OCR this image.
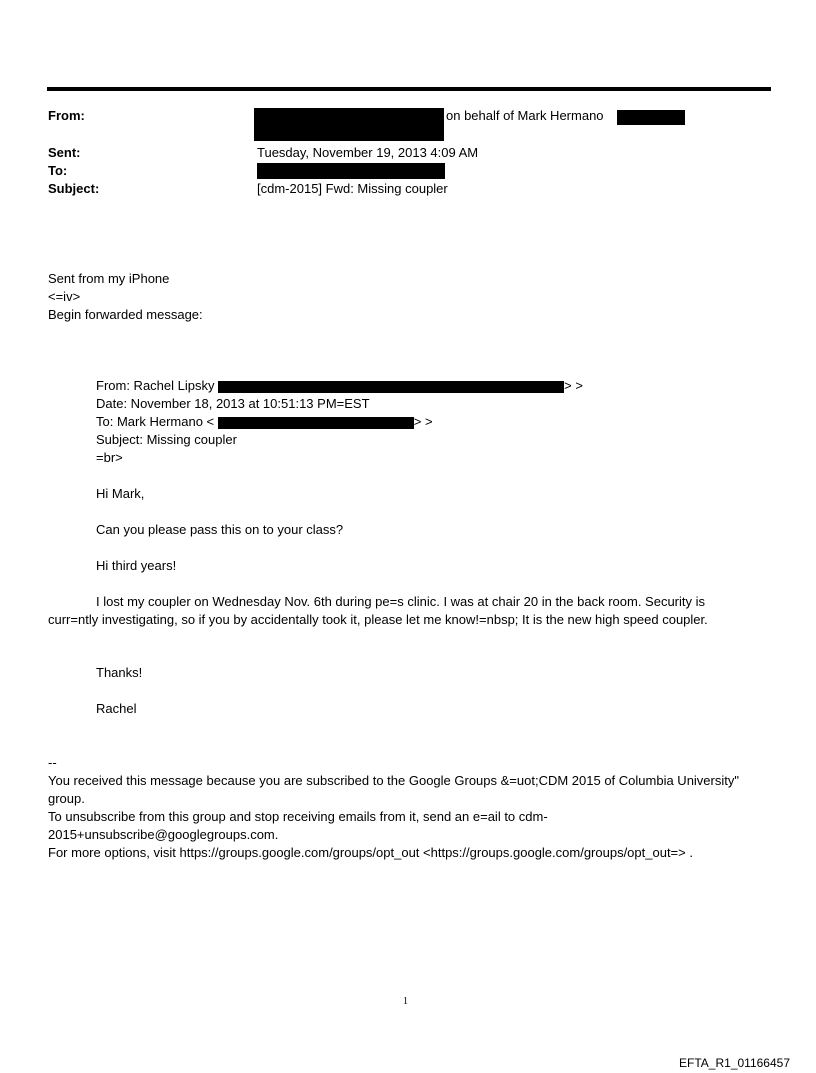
From:	on behalf of Mark Hermano
Sent:	Tuesday, November 19, 2013 4:09 AM
To:
Subject:	[cdm-2015] Fwd: Missing coupler
Sent from my iPhone
<=iv>
Begin forwarded message:
From: Rachel Lipsky	> >
Date: November 18, 2013 at 10:51:13 PM=EST
To: Mark Hermano <	> >
Subject: Missing coupler
=br>
Hi Mark,
Can you please pass this on to your class?
Hi third years!
I lost my coupler on Wednesday Nov. 6th during pe=s clinic. I was at chair 20 in the back room. Security is
curr=ntly investigating, so if you by accidentally took it, please let me know!=nbsp; It is the new high speed coupler.
Thanks!
Rachel
--
You received this message because you are subscribed to the Google Groups &=uot;CDM 2015 of Columbia University"
group.
To unsubscribe from this group and stop receiving emails from it, send an e=ail to cdm-
2015+unsubscribe@googlegroups.com.
For more options, visit https://groups.google.com/groups/opt_out <https://groups.google.com/groups/opt_out=> .
1
EFTA_R1_01166457
